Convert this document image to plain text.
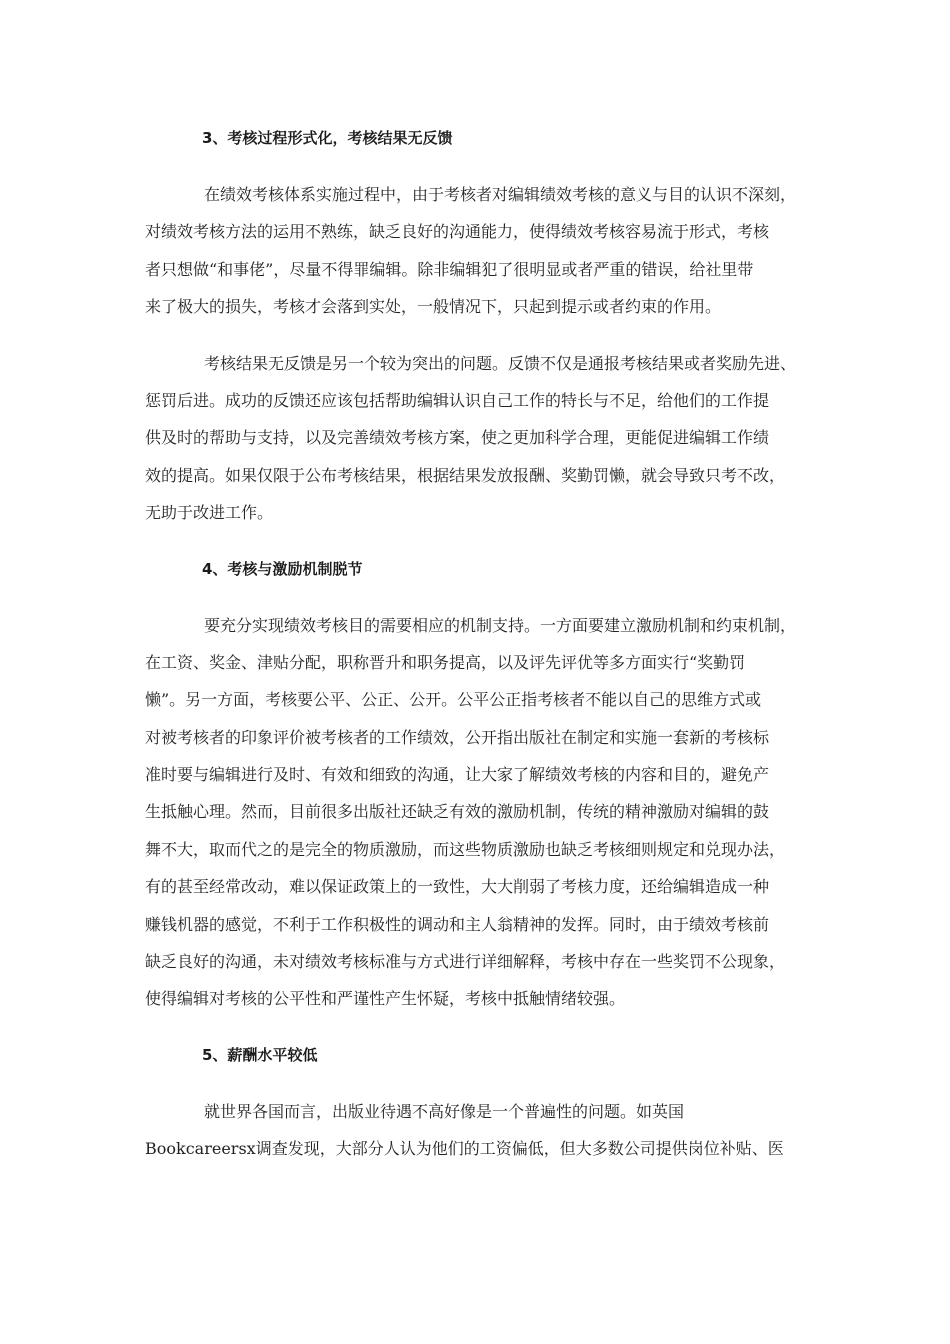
3、考核过程形式化，考核结果无反馈
在绩效考核体系实施过程中，由于考核者对编辑绩效考核的意义与目的认识不深刻，
对绩效考核方法的运用不熟练，缺乏良好的沟通能力，使得绩效考核容易流于形式，考核
者只想做“和事佬”，尽量不得罪编辑。除非编辑犯了很明显或者严重的错误，给社里带
来了极大的损失，考核才会落到实处，一般情况下，只起到提示或者约束的作用。
考核结果无反馈是另一个较为突出的问题。反馈不仅是通报考核结果或者奖励先进、
惩罚后进。成功的反馈还应该包括帮助编辑认识自己工作的特长与不足，给他们的工作提
供及时的帮助与支持，以及完善绩效考核方案，使之更加科学合理，更能促进编辑工作绩
效的提高。如果仅限于公布考核结果，根据结果发放报酬、奖勤罚懒，就会导致只考不改，
无助于改进工作。
4、考核与激励机制脱节
要充分实现绩效考核目的需要相应的机制支持。一方面要建立激励机制和约束机制，
在工资、奖金、津贴分配，职称晋升和职务提高，以及评先评优等多方面实行“奖勤罚
懒”。另一方面，考核要公平、公正、公开。公平公正指考核者不能以自己的思维方式或
对被考核者的印象评价被考核者的工作绩效，公开指出版社在制定和实施一套新的考核标
准时要与编辑进行及时、有效和细致的沟通，让大家了解绩效考核的内容和目的，避免产
生抵触心理。然而，目前很多出版社还缺乏有效的激励机制，传统的精神激励对编辑的鼓
舞不大，取而代之的是完全的物质激励，而这些物质激励也缺乏考核细则规定和兑现办法，
有的甚至经常改动，难以保证政策上的一致性，大大削弱了考核力度，还给编辑造成一种
赚钱机器的感觉，不利于工作积极性的调动和主人翁精神的发挥。同时，由于绩效考核前
缺乏良好的沟通，未对绩效考核标准与方式进行详细解释，考核中存在一些奖罚不公现象，
使得编辑对考核的公平性和严谨性产生怀疑，考核中抵触情绪较强。
5、薪酬水平较低
就世界各国而言，出版业待遇不高好像是一个普遍性的问题。如英国
Bookcareersx调查发现，大部分人认为他们的工资偏低，但大多数公司提供岗位补贴、医
